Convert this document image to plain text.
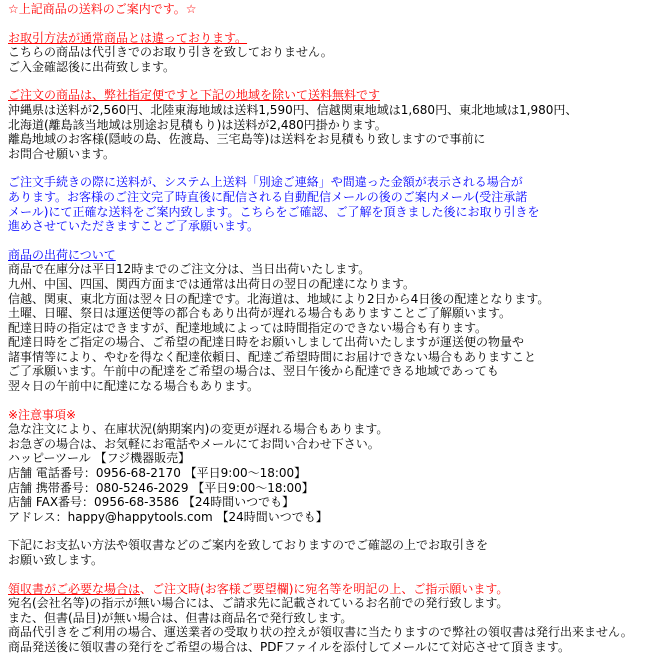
☆上記商品の送料のご案内です。☆
お取引方法が通常商品とは違っております。
こちらの商品は代引きでのお取り引きを致しておりません。
ご入金確認後に出荷致します。
ご注文の商品は、弊社指定便ですと下記の地域を除いて送料無料です
沖縄県は送料が2,560円、北陸東海地域は送料1,590円、信越関東地域は1,680円、東北地域は1,980円、
北海道(離島該当地域は別途お見積もり)は送料が2,480円掛かります。
離島地域のお客様(隠岐の島、佐渡島、三宅島等)は送料をお見積もり致しますので事前に
お問合せ願います。
ご注文手続きの際に送料が、システム上送料「別途ご連絡」や間違った金額が表示される場合が
あります。お客様のご注文完了時直後に配信される自動配信メールの後のご案内メール(受注承諾
メール)にて正確な送料をご案内致します。こちらをご確認、ご了解を頂きました後にお取り引きを
進めさせていただきますことご了承願います。
商品の出荷について
商品で在庫分は平日12時までのご注文分は、当日出荷いたします。
九州、中国、四国、関西方面までは通常は出荷日の翌日の配達になります。
信越、関東、東北方面は翌々日の配達です。北海道は、地域により2日から4日後の配達となります。
土曜、日曜、祭日は運送便等の都合もあり出荷が遅れる場合もありますことご了解願います。
配達日時の指定はできますが、配達地域によっては時間指定のできない場合も有ります。
配達日時をご指定の場合、ご希望の配達日時をお願いしまして出荷いたしますが運送便の物量や
諸事情等により、やむを得なく配達依頼日、配達ご希望時間にお届けできない場合もありますこと
ご了承願います。午前中の配達をご希望の場合は、翌日午後から配達できる地域であっても
翌々日の午前中に配達になる場合もあります。
※注意事項※
急な注文により、在庫状況(納期案内)の変更が遅れる場合もあります。
お急ぎの場合は、お気軽にお電話やメールにてお問い合わせ下さい。
ハッピーツール 【フジ機器販売】
店舗 電話番号：0956-68-2170 【平日9:00～18:00】
店舗 携帯番号：080-5246-2029 【平日9:00～18:00】
店舗 FAX番号：0956-68-3586 【24時間いつでも】
アドレス：happy@happytools.com 【24時間いつでも】
下記にお支払い方法や領収書などのご案内を致しておりますのでご確認の上でお取引きを
お願い致します。
領収書がご必要な場合は、ご注文時(お客様ご要望欄)に宛名等を明記の上、ご指示願います。
宛名(会社名等)の指示が無い場合には、ご請求先に記載されているお名前での発行致します。
また、但書(品目)が無い場合は、但書は商品名で発行致します。
商品代引きをご利用の場合、運送業者の受取り状の控えが領収書に当たりますので弊社の領収書は発行出来ません。
商品発送後に領収書の発行をご希望の場合は、PDFファイルを添付してメールにて対応させて頂きます。
